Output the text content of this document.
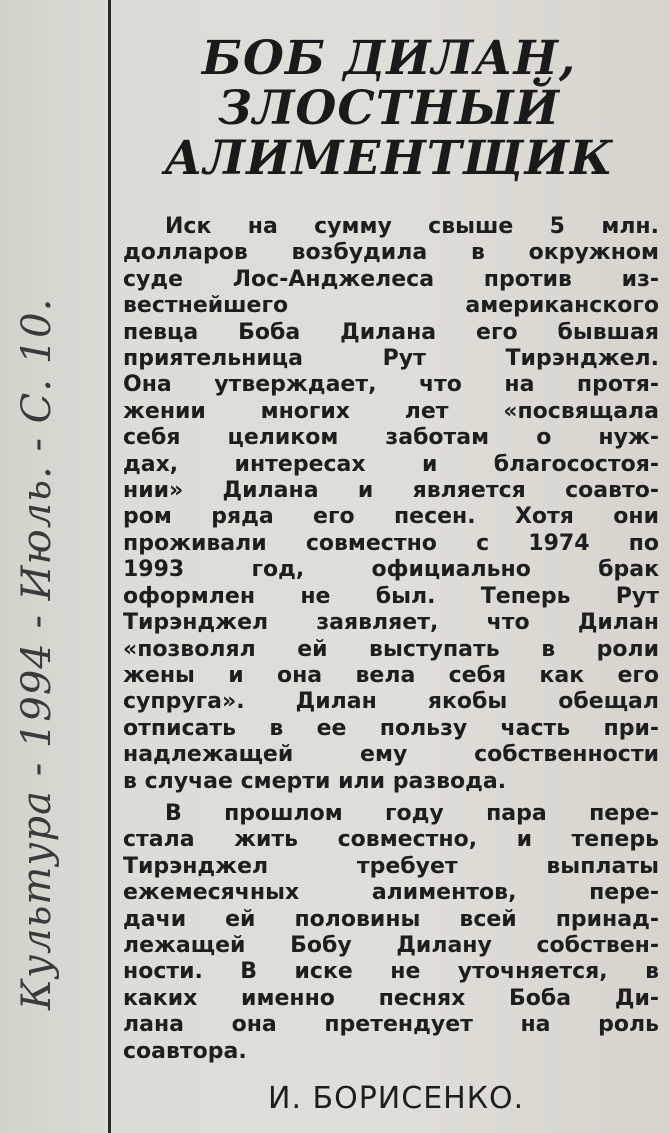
Культура - 1994 - Июль. - С. 10.
БОБ ДИЛАН,
ЗЛОСТНЫЙ
АЛИМЕНТЩИК

Иск на сумму свыше 5 млн.
долларов возбудила в окружном
суде Лос-Анджелеса против из-
вестнейшего американского
певца Боба Дилана его бывшая
приятельница Рут Тирэнджел.
Она утверждает, что на протя-
жении многих лет «посвящала
себя целиком заботам о нуж-
дах, интересах и благосостоя-
нии» Дилана и является соавто-
ром ряда его песен. Хотя они
проживали совместно с 1974 по
1993 год, официально брак
оформлен не был. Теперь Рут
Тирэнджел заявляет, что Дилан
«позволял ей выступать в роли
жены и она вела себя как его
супруга». Дилан якобы обещал
отписать в ее пользу часть при-
надлежащей ему собственности
в случае смерти или развода.

В прошлом году пара пере-
стала жить совместно, и теперь
Тирэнджел требует выплаты
ежемесячных алиментов, пере-
дачи ей половины всей принад-
лежащей Бобу Дилану собствен-
ности. В иске не уточняется, в
каких именно песнях Боба Ди-
лана она претендует на роль
соавтора.

И. БОРИСЕНКО.
